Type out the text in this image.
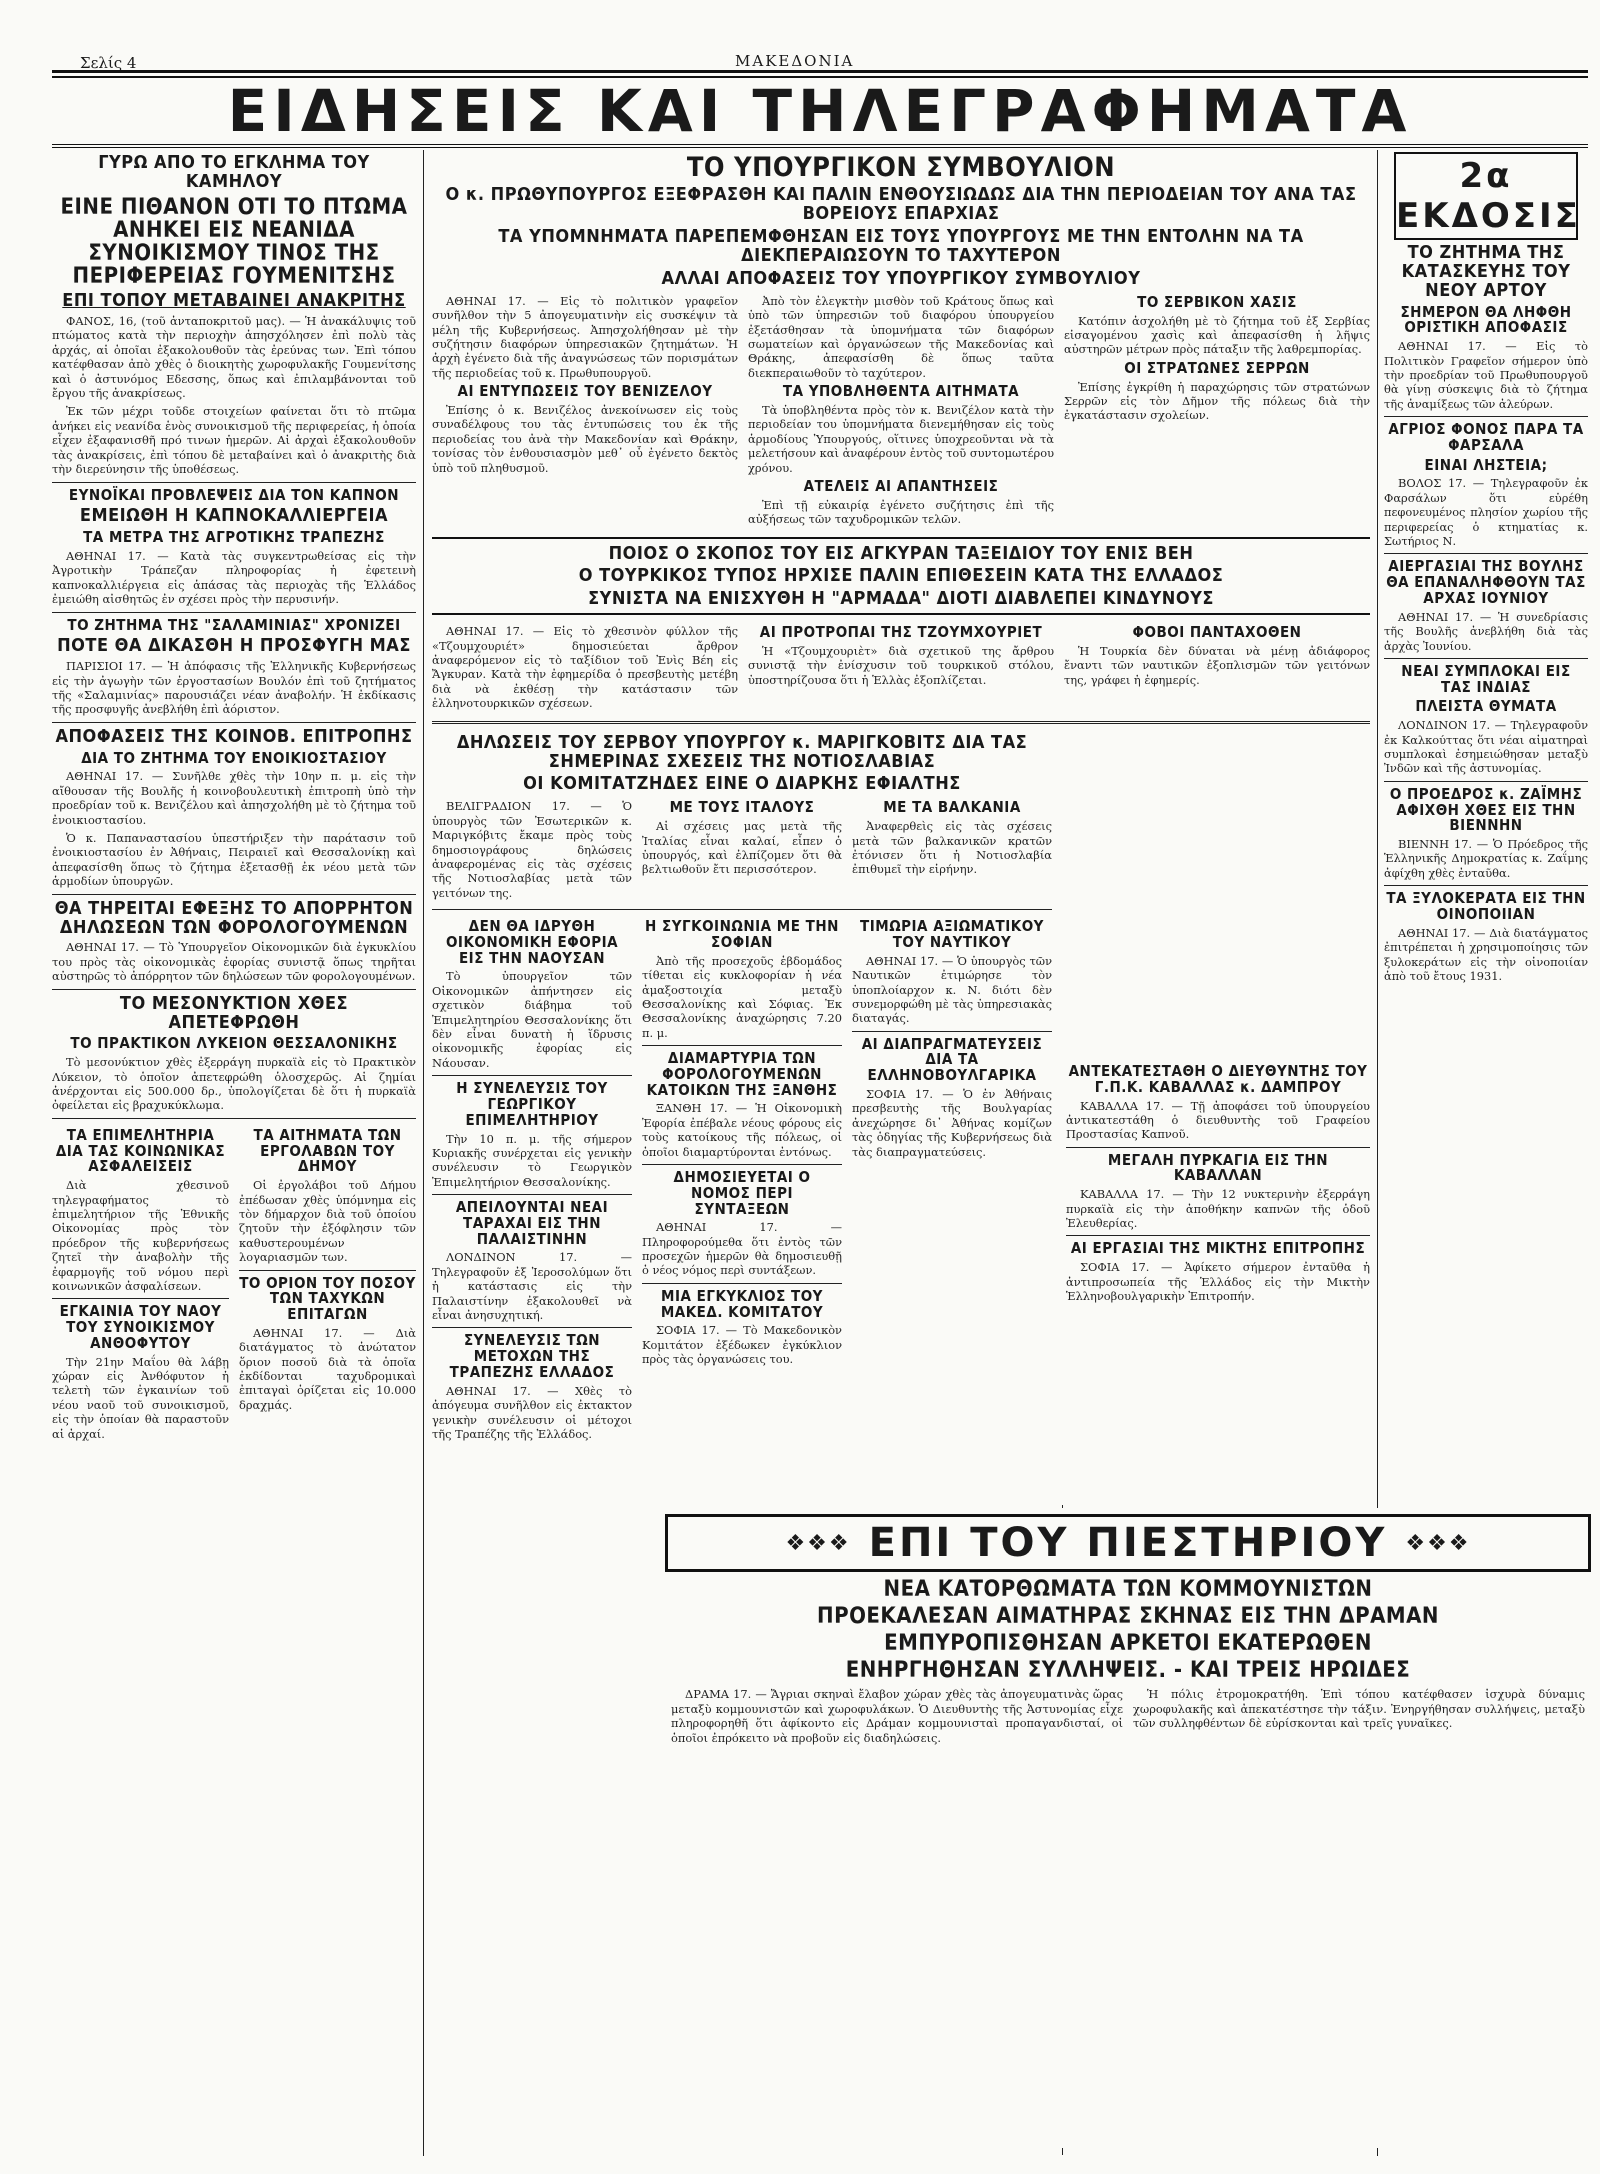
Σελίς 4	ΜΑΚΕΔΟΝΙΑ
ΕΙΔΗΣΕΙΣ ΚΑΙ ΤΗΛΕΓΡΑΦΗΜΑΤΑ
ΓΥΡΩ ΑΠΟ ΤΟ ΕΓΚΛΗΜΑ ΤΟΥ ΚΑΜΗΛΟΥ
ΕΙΝΕ ΠΙΘΑΝΟΝ ΟΤΙ ΤΟ ΠΤΩΜΑ ΑΝΗΚΕΙ ΕΙΣ ΝΕΑΝΙΔΑ ΣΥΝΟΙΚΙΣΜΟΥ ΤΙΝΟΣ ΤΗΣ ΠΕΡΙΦΕΡΕΙΑΣ ΓΟΥΜΕΝΙΤΣΗΣ
ΕΠΙ ΤΟΠΟΥ ΜΕΤΑΒΑΙΝΕΙ ΑΝΑΚΡΙΤΗΣ

ΦΑΝΟΣ, 16, (τοῦ ἀνταποκριτοῦ μας). — Ἡ ἀνακάλυψις τοῦ πτώματος κατὰ τὴν περιοχὴν ἀπησχόλησεν ἐπὶ πολὺ τὰς ἀρχάς, αἱ ὁποῖαι ἐξακολουθοῦν τὰς ἐρεύνας των. Ἐπὶ τόπου κατέφθασαν ἀπὸ χθὲς ὁ διοικητὴς χωροφυλακῆς Γουμενίτσης καὶ ὁ ἀστυνόμος Εδεσσης, ὅπως καὶ ἐπιλαμβάνονται τοῦ ἔργου τῆς ἀνακρίσεως.

Ἐκ τῶν μέχρι τοῦδε στοιχείων φαίνεται ὅτι τὸ πτῶμα ἀνήκει εἰς νεανίδα ἑνὸς συνοικισμοῦ τῆς περιφερείας, ἡ ὁποία εἶχεν ἐξαφανισθῆ πρό τινων ἡμερῶν. Αἱ ἀρχαὶ ἐξακολουθοῦν τὰς ἀνακρίσεις, ἐπὶ τόπου δὲ μεταβαίνει καὶ ὁ ἀνακριτὴς διὰ τὴν διερεύνησιν τῆς ὑποθέσεως.

ΕΥΝΟΪΚΑΙ ΠΡΟΒΛΕΨΕΙΣ ΔΙΑ ΤΟΝ ΚΑΠΝΟΝ
ΕΜΕΙΩΘΗ Η ΚΑΠΝΟΚΑΛΛΙΕΡΓΕΙΑ
ΤΑ ΜΕΤΡΑ ΤΗΣ ΑΓΡΟΤΙΚΗΣ ΤΡΑΠΕΖΗΣ

ΑΘΗΝΑΙ 17. — Κατὰ τὰς συγκεντρωθείσας εἰς τὴν Ἀγροτικὴν Τράπεζαν πληροφορίας ἡ ἐφετεινὴ καπνοκαλλιέργεια εἰς ἁπάσας τὰς περιοχὰς τῆς Ἑλλάδος ἐμειώθη αἰσθητῶς ἐν σχέσει πρὸς τὴν περυσινήν.

ΤΟ ΖΗΤΗΜΑ ΤΗΣ "ΣΑΛΑΜΙΝΙΑΣ" ΧΡΟΝΙΖΕΙ
ΠΟΤΕ ΘΑ ΔΙΚΑΣΘΗ Η ΠΡΟΣΦΥΓΗ ΜΑΣ

ΠΑΡΙΣΙΟΙ 17. — Ἡ ἀπόφασις τῆς Ἑλληνικῆς Κυβερνήσεως εἰς τὴν ἀγωγὴν τῶν ἐργοστασίων Βουλόν ἐπὶ τοῦ ζητήματος τῆς «Σαλαμινίας» παρουσιάζει νέαν ἀναβολήν. Ἡ ἐκδίκασις τῆς προσφυγῆς ἀνεβλήθη ἐπὶ ἀόριστον.

ΑΠΟΦΑΣΕΙΣ ΤΗΣ ΚΟΙΝΟΒ. ΕΠΙΤΡΟΠΗΣ
ΔΙΑ ΤΟ ΖΗΤΗΜΑ ΤΟΥ ΕΝΟΙΚΙΟΣΤΑΣΙΟΥ

ΑΘΗΝΑΙ 17. — Συνῆλθε χθὲς τὴν 10ην π. μ. εἰς τὴν αἴθουσαν τῆς Βουλῆς ἡ κοινοβουλευτικὴ ἐπιτροπὴ ὑπὸ τὴν προεδρίαν τοῦ κ. Βενιζέλου καὶ ἀπησχολήθη μὲ τὸ ζήτημα τοῦ ἐνοικιοστασίου.

Ὁ κ. Παπαναστασίου ὑπεστήριξεν τὴν παράτασιν τοῦ ἐνοικιοστασίου ἐν Ἀθήναις, Πειραιεῖ καὶ Θεσσαλονίκῃ καὶ ἀπεφασίσθη ὅπως τὸ ζήτημα ἐξετασθῇ ἐκ νέου μετὰ τῶν ἁρμοδίων ὑπουργῶν.

ΘΑ ΤΗΡΕΙΤΑΙ ΕΦΕΞΗΣ ΤΟ ΑΠΟΡΡΗΤΟΝ ΔΗΛΩΣΕΩΝ ΤΩΝ ΦΟΡΟΛΟΓΟΥΜΕΝΩΝ

ΑΘΗΝΑΙ 17. — Τὸ Ὑπουργεῖον Οἰκονομικῶν διὰ ἐγκυκλίου του πρὸς τὰς οἰκονομικὰς ἐφορίας συνιστᾷ ὅπως τηρῆται αὐστηρῶς τὸ ἀπόρρητον τῶν δηλώσεων τῶν φορολογουμένων.

ΤΟ ΜΕΣΟΝΥΚΤΙΟΝ ΧΘΕΣ ΑΠΕΤΕΦΡΩΘΗ
ΤΟ ΠΡΑΚΤΙΚΟΝ ΛΥΚΕΙΟΝ ΘΕΣΣΑΛΟΝΙΚΗΣ

Τὸ μεσονύκτιον χθὲς ἐξερράγη πυρκαϊὰ εἰς τὸ Πρακτικὸν Λύκειον, τὸ ὁποῖον ἀπετεφρώθη ὁλοσχερῶς. Αἱ ζημίαι ἀνέρχονται εἰς 500.000 δρ., ὑπολογίζεται δὲ ὅτι ἡ πυρκαϊὰ ὀφείλεται εἰς βραχυκύκλωμα.

ΤΑ ΕΠΙΜΕΛΗΤΗΡΙΑ ΔΙΑ ΤΑΣ ΚΟΙΝΩΝΙΚΑΣ ΑΣΦΑΛΕΙΣΕΙΣ

Διὰ χθεσινοῦ τηλεγραφήματος τὸ ἐπιμελητήριον τῆς Ἐθνικῆς Οἰκονομίας πρὸς τὸν πρόεδρον τῆς κυβερνήσεως ζητεῖ τὴν ἀναβολὴν τῆς ἐφαρμογῆς τοῦ νόμου περὶ κοινωνικῶν ἀσφαλίσεων.

ΕΓΚΑΙΝΙΑ ΤΟΥ ΝΑΟΥ ΤΟΥ ΣΥΝΟΙΚΙΣΜΟΥ ΑΝΘΟΦΥΤΟΥ

Τὴν 21ην Μαΐου θὰ λάβῃ χώραν εἰς Ἀνθόφυτον ἡ τελετὴ τῶν ἐγκαινίων τοῦ νέου ναοῦ τοῦ συνοικισμοῦ, εἰς τὴν ὁποίαν θὰ παραστοῦν αἱ ἀρχαί.

ΤΑ ΑΙΤΗΜΑΤΑ ΤΩΝ ΕΡΓΟΛΑΒΩΝ ΤΟΥ ΔΗΜΟΥ

Οἱ ἐργολάβοι τοῦ Δήμου ἐπέδωσαν χθὲς ὑπόμνημα εἰς τὸν δήμαρχον διὰ τοῦ ὁποίου ζητοῦν τὴν ἐξόφλησιν τῶν καθυστερουμένων λογαριασμῶν των.

ΤΟ ΟΡΙΟΝ ΤΟΥ ΠΟΣΟΥ ΤΩΝ ΤΑΧΥΚΩΝ ΕΠΙΤΑΓΩΝ

ΑΘΗΝΑΙ 17. — Διὰ διατάγματος τὸ ἀνώτατον ὅριον ποσοῦ διὰ τὰ ὁποῖα ἐκδίδονται ταχυδρομικαὶ ἐπιταγαὶ ὁρίζεται εἰς 10.000 δραχμάς.

ΤΟ ΥΠΟΥΡΓΙΚΟΝ ΣΥΜΒΟΥΛΙΟΝ
Ο κ. ΠΡΩΘΥΠΟΥΡΓΟΣ ΕΞΕΦΡΑΣΘΗ ΚΑΙ ΠΑΛΙΝ ΕΝΘΟΥΣΙΩΔΩΣ ΔΙΑ ΤΗΝ ΠΕΡΙΟΔΕΙΑΝ ΤΟΥ ΑΝΑ ΤΑΣ ΒΟΡΕΙΟΥΣ ΕΠΑΡΧΙΑΣ
ΤΑ ΥΠΟΜΝΗΜΑΤΑ ΠΑΡΕΠΕΜΦΘΗΣΑΝ ΕΙΣ ΤΟΥΣ ΥΠΟΥΡΓΟΥΣ ΜΕ ΤΗΝ ΕΝΤΟΛΗΝ ΝΑ ΤΑ ΔΙΕΚΠΕΡΑΙΩΣΟΥΝ ΤΟ ΤΑΧΥΤΕΡΟΝ
ΑΛΛΑΙ ΑΠΟΦΑΣΕΙΣ ΤΟΥ ΥΠΟΥΡΓΙΚΟΥ ΣΥΜΒΟΥΛΙΟΥ

ΑΘΗΝΑΙ 17. — Εἰς τὸ πολιτικὸν γραφεῖον συνῆλθον τὴν 5 ἀπογευματινὴν εἰς συσκέψιν τὰ μέλη τῆς Κυβερνήσεως. Ἀπησχολήθησαν μὲ τὴν συζήτησιν διαφόρων ὑπηρεσιακῶν ζητημάτων. Ἡ ἀρχὴ ἐγένετο διὰ τῆς ἀναγνώσεως τῶν πορισμάτων τῆς περιοδείας τοῦ κ. Πρωθυπουργοῦ.

ΑΙ ΕΝΤΥΠΩΣΕΙΣ ΤΟΥ ΒΕΝΙΖΕΛΟΥ

Ἐπίσης ὁ κ. Βενιζέλος ἀνεκοίνωσεν εἰς τοὺς συναδέλφους του τὰς ἐντυπώσεις του ἐκ τῆς περιοδείας του ἀνὰ τὴν Μακεδονίαν καὶ Θράκην, τονίσας τὸν ἐνθουσιασμὸν μεθ᾽ οὗ ἐγένετο δεκτὸς ὑπὸ τοῦ πληθυσμοῦ.

Ἀπὸ τὸν ἐλεγκτὴν μισθὸν τοῦ Κράτους ὅπως καὶ ὑπὸ τῶν ὑπηρεσιῶν τοῦ διαφόρου ὑπουργείου ἐξετάσθησαν τὰ ὑπομνήματα τῶν διαφόρων σωματείων καὶ ὀργανώσεων τῆς Μακεδονίας καὶ Θράκης, ἀπεφασίσθη δὲ ὅπως ταῦτα διεκπεραιωθοῦν τὸ ταχύτερον.

ΤΑ ΥΠΟΒΛΗΘΕΝΤΑ ΑΙΤΗΜΑΤΑ

Τὰ ὑποβληθέντα πρὸς τὸν κ. Βενιζέλον κατὰ τὴν περιοδείαν του ὑπομνήματα διενεμήθησαν εἰς τοὺς ἁρμοδίους Ὑπουργούς, οἵτινες ὑποχρεοῦνται νὰ τὰ μελετήσουν καὶ ἀναφέρουν ἐντὸς τοῦ συντομωτέρου χρόνου.

ΑΤΕΛΕΙΣ ΑΙ ΑΠΑΝΤΗΣΕΙΣ

Ἐπὶ τῇ εὐκαιρίᾳ ἐγένετο συζήτησις ἐπὶ τῆς αὐξήσεως τῶν ταχυδρομικῶν τελῶν.

ΤΟ ΣΕΡΒΙΚΟΝ ΧΑΣΙΣ

Κατόπιν ἀσχολήθη μὲ τὸ ζήτημα τοῦ ἐξ Σερβίας εἰσαγομένου χασὶς καὶ ἀπεφασίσθη ἡ λῆψις αὐστηρῶν μέτρων πρὸς πάταξιν τῆς λαθρεμπορίας.

ΟΙ ΣΤΡΑΤΩΝΕΣ ΣΕΡΡΩΝ

Ἐπίσης ἐγκρίθη ἡ παραχώρησις τῶν στρατώνων Σερρῶν εἰς τὸν Δῆμον τῆς πόλεως διὰ τὴν ἐγκατάστασιν σχολείων.

ΠΟΙΟΣ Ο ΣΚΟΠΟΣ ΤΟΥ ΕΙΣ ΑΓΚΥΡΑΝ ΤΑΞΕΙΔΙΟΥ ΤΟΥ ΕΝΙΣ ΒΕΗ
Ο ΤΟΥΡΚΙΚΟΣ ΤΥΠΟΣ ΗΡΧΙΣΕ ΠΑΛΙΝ ΕΠΙΘΕΣΕΙΝ ΚΑΤΑ ΤΗΣ ΕΛΛΑΔΟΣ
ΣΥΝΙΣΤΑ ΝΑ ΕΝΙΣΧΥΘΗ Η "ΑΡΜΑΔΑ" ΔΙΟΤΙ ΔΙΑΒΛΕΠΕΙ ΚΙΝΔΥΝΟΥΣ

ΑΘΗΝΑΙ 17. — Εἰς τὸ χθεσινὸν φύλλον τῆς «Τζουμχουριέτ» δημοσιεύεται ἄρθρον ἀναφερόμενον εἰς τὸ ταξίδιον τοῦ Ἐνὶς Βέη εἰς Ἄγκυραν. Κατὰ τὴν ἐφημερίδα ὁ πρεσβευτὴς μετέβη διὰ νὰ ἐκθέσῃ τὴν κατάστασιν τῶν ἑλληνοτουρκικῶν σχέσεων.

ΑΙ ΠΡΟΤΡΟΠΑΙ ΤΗΣ ΤΖΟΥΜΧΟΥΡΙΕΤ

Ἡ «Τζουμχουριὲτ» διὰ σχετικοῦ της ἄρθρου συνιστᾷ τὴν ἐνίσχυσιν τοῦ τουρκικοῦ στόλου, ὑποστηρίζουσα ὅτι ἡ Ἑλλὰς ἐξοπλίζεται.

ΦΟΒΟΙ ΠΑΝΤΑΧΟΘΕΝ

Ἡ Τουρκία δὲν δύναται νὰ μένῃ ἀδιάφορος ἔναντι τῶν ναυτικῶν ἐξοπλισμῶν τῶν γειτόνων της, γράφει ἡ ἐφημερίς.

ΔΗΛΩΣΕΙΣ ΤΟΥ ΣΕΡΒΟΥ ΥΠΟΥΡΓΟΥ κ. ΜΑΡΙΓΚΟΒΙΤΣ ΔΙΑ ΤΑΣ ΣΗΜΕΡΙΝΑΣ ΣΧΕΣΕΙΣ ΤΗΣ ΝΟΤΙΟΣΛΑΒΙΑΣ
ΟΙ ΚΟΜΙΤΑΤΖΗΔΕΣ ΕΙΝΕ Ο ΔΙΑΡΚΗΣ ΕΦΙΑΛΤΗΣ

ΒΕΛΙΓΡΑΔΙΟΝ 17. — Ὁ ὑπουργὸς τῶν Ἐσωτερικῶν κ. Μαριγκόβιτς ἔκαμε πρὸς τοὺς δημοσιογράφους δηλώσεις ἀναφερομένας εἰς τὰς σχέσεις τῆς Νοτιοσλαβίας μετὰ τῶν γειτόνων της.

ΜΕ ΤΟΥΣ ΙΤΑΛΟΥΣ

Αἱ σχέσεις μας μετὰ τῆς Ἰταλίας εἶναι καλαί, εἶπεν ὁ ὑπουργός, καὶ ἐλπίζομεν ὅτι θὰ βελτιωθοῦν ἔτι περισσότερον.

ΜΕ ΤΑ ΒΑΛΚΑΝΙΑ

Ἀναφερθεὶς εἰς τὰς σχέσεις μετὰ τῶν βαλκανικῶν κρατῶν ἐτόνισεν ὅτι ἡ Νοτιοσλαβία ἐπιθυμεῖ τὴν εἰρήνην.

ΔΕΝ ΘΑ ΙΔΡΥΘΗ ΟΙΚΟΝΟΜΙΚΗ ΕΦΟΡΙΑ ΕΙΣ ΤΗΝ ΝΑΟΥΣΑΝ

Τὸ ὑπουργεῖον τῶν Οἰκονομικῶν ἀπήντησεν εἰς σχετικὸν διάβημα τοῦ Ἐπιμελητηρίου Θεσσαλονίκης ὅτι δὲν εἶναι δυνατὴ ἡ ἵδρυσις οἰκονομικῆς ἐφορίας εἰς Νάουσαν.

Η ΣΥΝΕΛΕΥΣΙΣ ΤΟΥ ΓΕΩΡΓΙΚΟΥ ΕΠΙΜΕΛΗΤΗΡΙΟΥ

Τὴν 10 π. μ. τῆς σήμερον Κυριακῆς συνέρχεται εἰς γενικὴν συνέλευσιν τὸ Γεωργικὸν Ἐπιμελητήριον Θεσσαλονίκης.

ΑΠΕΙΛΟΥΝΤΑΙ ΝΕΑΙ ΤΑΡΑΧΑΙ ΕΙΣ ΤΗΝ ΠΑΛΑΙΣΤΙΝΗΝ

ΛΟΝΔΙΝΟΝ 17. — Τηλεγραφοῦν ἐξ Ἱεροσολύμων ὅτι ἡ κατάστασις εἰς τὴν Παλαιστίνην ἐξακολουθεῖ νὰ εἶναι ἀνησυχητική.

ΣΥΝΕΛΕΥΣΙΣ ΤΩΝ ΜΕΤΟΧΩΝ ΤΗΣ ΤΡΑΠΕΖΗΣ ΕΛΛΑΔΟΣ

ΑΘΗΝΑΙ 17. — Χθὲς τὸ ἀπόγευμα συνῆλθον εἰς ἐκτακτον γενικὴν συνέλευσιν οἱ μέτοχοι τῆς Τραπέζης τῆς Ἑλλάδος.

Η ΣΥΓΚΟΙΝΩΝΙΑ ΜΕ ΤΗΝ ΣΟΦΙΑΝ

Ἀπὸ τῆς προσεχοῦς ἑβδομάδος τίθεται εἰς κυκλοφορίαν ἡ νέα ἀμαξοστοιχία μεταξὺ Θεσσαλονίκης καὶ Σόφιας. Ἐκ Θεσσαλονίκης ἀναχώρησις 7.20 π. μ.

ΔΙΑΜΑΡΤΥΡΙΑ ΤΩΝ ΦΟΡΟΛΟΓΟΥΜΕΝΩΝ ΚΑΤΟΙΚΩΝ ΤΗΣ ΞΑΝΘΗΣ

ΞΑΝΘΗ 17. — Ἡ Οἰκονομικὴ Ἐφορία ἐπέβαλε νέους φόρους εἰς τοὺς κατοίκους τῆς πόλεως, οἱ ὁποῖοι διαμαρτύρονται ἐντόνως.

ΔΗΜΟΣΙΕΥΕΤΑΙ Ο ΝΟΜΟΣ ΠΕΡΙ ΣΥΝΤΑΞΕΩΝ

ΑΘΗΝΑΙ 17. — Πληροφορούμεθα ὅτι ἐντὸς τῶν προσεχῶν ἡμερῶν θὰ δημοσιευθῇ ὁ νέος νόμος περὶ συντάξεων.

ΜΙΑ ΕΓΚΥΚΛΙΟΣ ΤΟΥ ΜΑΚΕΔ. ΚΟΜΙΤΑΤΟΥ

ΣΟΦΙΑ 17. — Τὸ Μακεδονικὸν Κομιτάτον ἐξέδωκεν ἐγκύκλιον πρὸς τὰς ὀργανώσεις του.

ΤΙΜΩΡΙΑ ΑΞΙΩΜΑΤΙΚΟΥ ΤΟΥ ΝΑΥΤΙΚΟΥ

ΑΘΗΝΑΙ 17. — Ὁ ὑπουργὸς τῶν Ναυτικῶν ἐτιμώρησε τὸν ὑποπλοίαρχον κ. Ν. διότι δὲν συνεμορφώθη μὲ τὰς ὑπηρεσιακὰς διαταγάς.

ΑΙ ΔΙΑΠΡΑΓΜΑΤΕΥΣΕΙΣ ΔΙΑ ΤΑ ΕΛΛΗΝΟΒΟΥΛΓΑΡΙΚΑ

ΣΟΦΙΑ 17. — Ὁ ἐν Ἀθήναις πρεσβευτὴς τῆς Βουλγαρίας ἀνεχώρησε δι᾽ Ἀθήνας κομίζων τὰς ὁδηγίας τῆς Κυβερνήσεως διὰ τὰς διαπραγματεύσεις.

❖❖❖ ΕΠΙ ΤΟΥ ΠΙΕΣΤΗΡΙΟΥ ❖❖❖
ΝΕΑ ΚΑΤΟΡΘΩΜΑΤΑ ΤΩΝ ΚΟΜΜΟΥΝΙΣΤΩΝ
ΠΡΟΕΚΑΛΕΣΑΝ ΑΙΜΑΤΗΡΑΣ ΣΚΗΝΑΣ ΕΙΣ ΤΗΝ ΔΡΑΜΑΝ
ΕΜΠΥΡΟΠΙΣΘΗΣΑΝ ΑΡΚΕΤΟΙ ΕΚΑΤΕΡΩΘΕΝ
ΕΝΗΡΓΗΘΗΣΑΝ ΣΥΛΛΗΨΕΙΣ. - ΚΑΙ ΤΡΕΙΣ ΗΡΩΙΔΕΣ

ΔΡΑΜΑ 17. — Ἄγριαι σκηναὶ ἔλαβον χώραν χθὲς τὰς ἀπογευματινὰς ὥρας μεταξὺ κομμουνιστῶν καὶ χωροφυλάκων. Ὁ Διευθυντὴς τῆς Ἀστυνομίας εἶχε πληροφορηθῆ ὅτι ἀφίκοντο εἰς Δράμαν κομμουνισταὶ προπαγανδισταί, οἱ ὁποῖοι ἐπρόκειτο νὰ προβοῦν εἰς διαδηλώσεις.

Ἡ πόλις ἐτρομοκρατήθη. Ἐπὶ τόπου κατέφθασεν ἰσχυρὰ δύναμις χωροφυλακῆς καὶ ἀπεκατέστησε τὴν τάξιν. Ἐνηργήθησαν συλλήψεις, μεταξὺ τῶν συλληφθέντων δὲ εὑρίσκονται καὶ τρεῖς γυναῖκες.

2α ΕΚΔΟΣΙΣ
ΤΟ ΖΗΤΗΜΑ ΤΗΣ ΚΑΤΑΣΚΕΥΗΣ ΤΟΥ ΝΕΟΥ ΑΡΤΟΥ
ΣΗΜΕΡΟΝ ΘΑ ΛΗΦΘΗ ΟΡΙΣΤΙΚΗ ΑΠΟΦΑΣΙΣ

ΑΘΗΝΑΙ 17. — Εἰς τὸ Πολιτικὸν Γραφεῖον σήμερον ὑπὸ τὴν προεδρίαν τοῦ Πρωθυπουργοῦ θὰ γίνῃ σύσκεψις διὰ τὸ ζήτημα τῆς ἀναμίξεως τῶν ἀλεύρων.

ΑΓΡΙΟΣ ΦΟΝΟΣ ΠΑΡΑ ΤΑ ΦΑΡΣΑΛΑ
ΕΙΝΑΙ ΛΗΣΤΕΙΑ;

ΒΟΛΟΣ 17. — Τηλεγραφοῦν ἐκ Φαρσάλων ὅτι εὑρέθη πεφονευμένος πλησίον χωρίου τῆς περιφερείας ὁ κτηματίας κ. Σωτήριος Ν.

ΑΙΕΡΓΑΣΙΑΙ ΤΗΣ ΒΟΥΛΗΣ ΘΑ ΕΠΑΝΑΛΗΦΘΟΥΝ ΤΑΣ ΑΡΧΑΣ ΙΟΥΝΙΟΥ

ΑΘΗΝΑΙ 17. — Ἡ συνεδρίασις τῆς Βουλῆς ἀνεβλήθη διὰ τὰς ἀρχὰς Ἰουνίου.

ΝΕΑΙ ΣΥΜΠΛΟΚΑΙ ΕΙΣ ΤΑΣ ΙΝΔΙΑΣ
ΠΛΕΙΣΤΑ ΘΥΜΑΤΑ

ΛΟΝΔΙΝΟΝ 17. — Τηλεγραφοῦν ἐκ Καλκούττας ὅτι νέαι αἱματηραὶ συμπλοκαὶ ἐσημειώθησαν μεταξὺ Ἰνδῶν καὶ τῆς ἀστυνομίας.

Ο ΠΡΟΕΔΡΟΣ κ. ΖΑΪΜΗΣ ΑΦΙΧΘΗ ΧΘΕΣ ΕΙΣ ΤΗΝ ΒΙΕΝΝΗΝ

ΒΙΕΝΝΗ 17. — Ὁ Πρόεδρος τῆς Ἑλληνικῆς Δημοκρατίας κ. Ζαΐμης ἀφίχθη χθὲς ἐνταῦθα.

ΤΑ ΞΥΛΟΚΕΡΑΤΑ ΕΙΣ ΤΗΝ ΟΙΝΟΠΟΙΙΑΝ

ΑΘΗΝΑΙ 17. — Διὰ διατάγματος ἐπιτρέπεται ἡ χρησιμοποίησις τῶν ξυλοκεράτων εἰς τὴν οἰνοποιίαν ἀπὸ τοῦ ἔτους 1931.

ΑΝΤΕΚΑΤΕΣΤΑΘΗ Ο ΔΙΕΥΘΥΝΤΗΣ ΤΟΥ Γ.Π.Κ. ΚΑΒΑΛΛΑΣ κ. ΔΑΜΠΡΟΥ

ΚΑΒΑΛΛΑ 17. — Τῇ ἀποφάσει τοῦ ὑπουργείου ἀντικατεστάθη ὁ διευθυντὴς τοῦ Γραφείου Προστασίας Καπνοῦ.

ΜΕΓΑΛΗ ΠΥΡΚΑΓΙΑ ΕΙΣ ΤΗΝ ΚΑΒΑΛΛΑΝ

ΚΑΒΑΛΛΑ 17. — Τὴν 12 νυκτερινὴν ἐξερράγη πυρκαϊὰ εἰς τὴν ἀποθήκην καπνῶν τῆς ὁδοῦ Ἐλευθερίας.

ΑΙ ΕΡΓΑΣΙΑΙ ΤΗΣ ΜΙΚΤΗΣ ΕΠΙΤΡΟΠΗΣ

ΣΟΦΙΑ 17. — Ἀφίκετο σήμερον ἐνταῦθα ἡ ἀντιπροσωπεία τῆς Ἑλλάδος εἰς τὴν Μικτὴν Ἑλληνοβουλγαρικὴν Ἐπιτροπήν.
